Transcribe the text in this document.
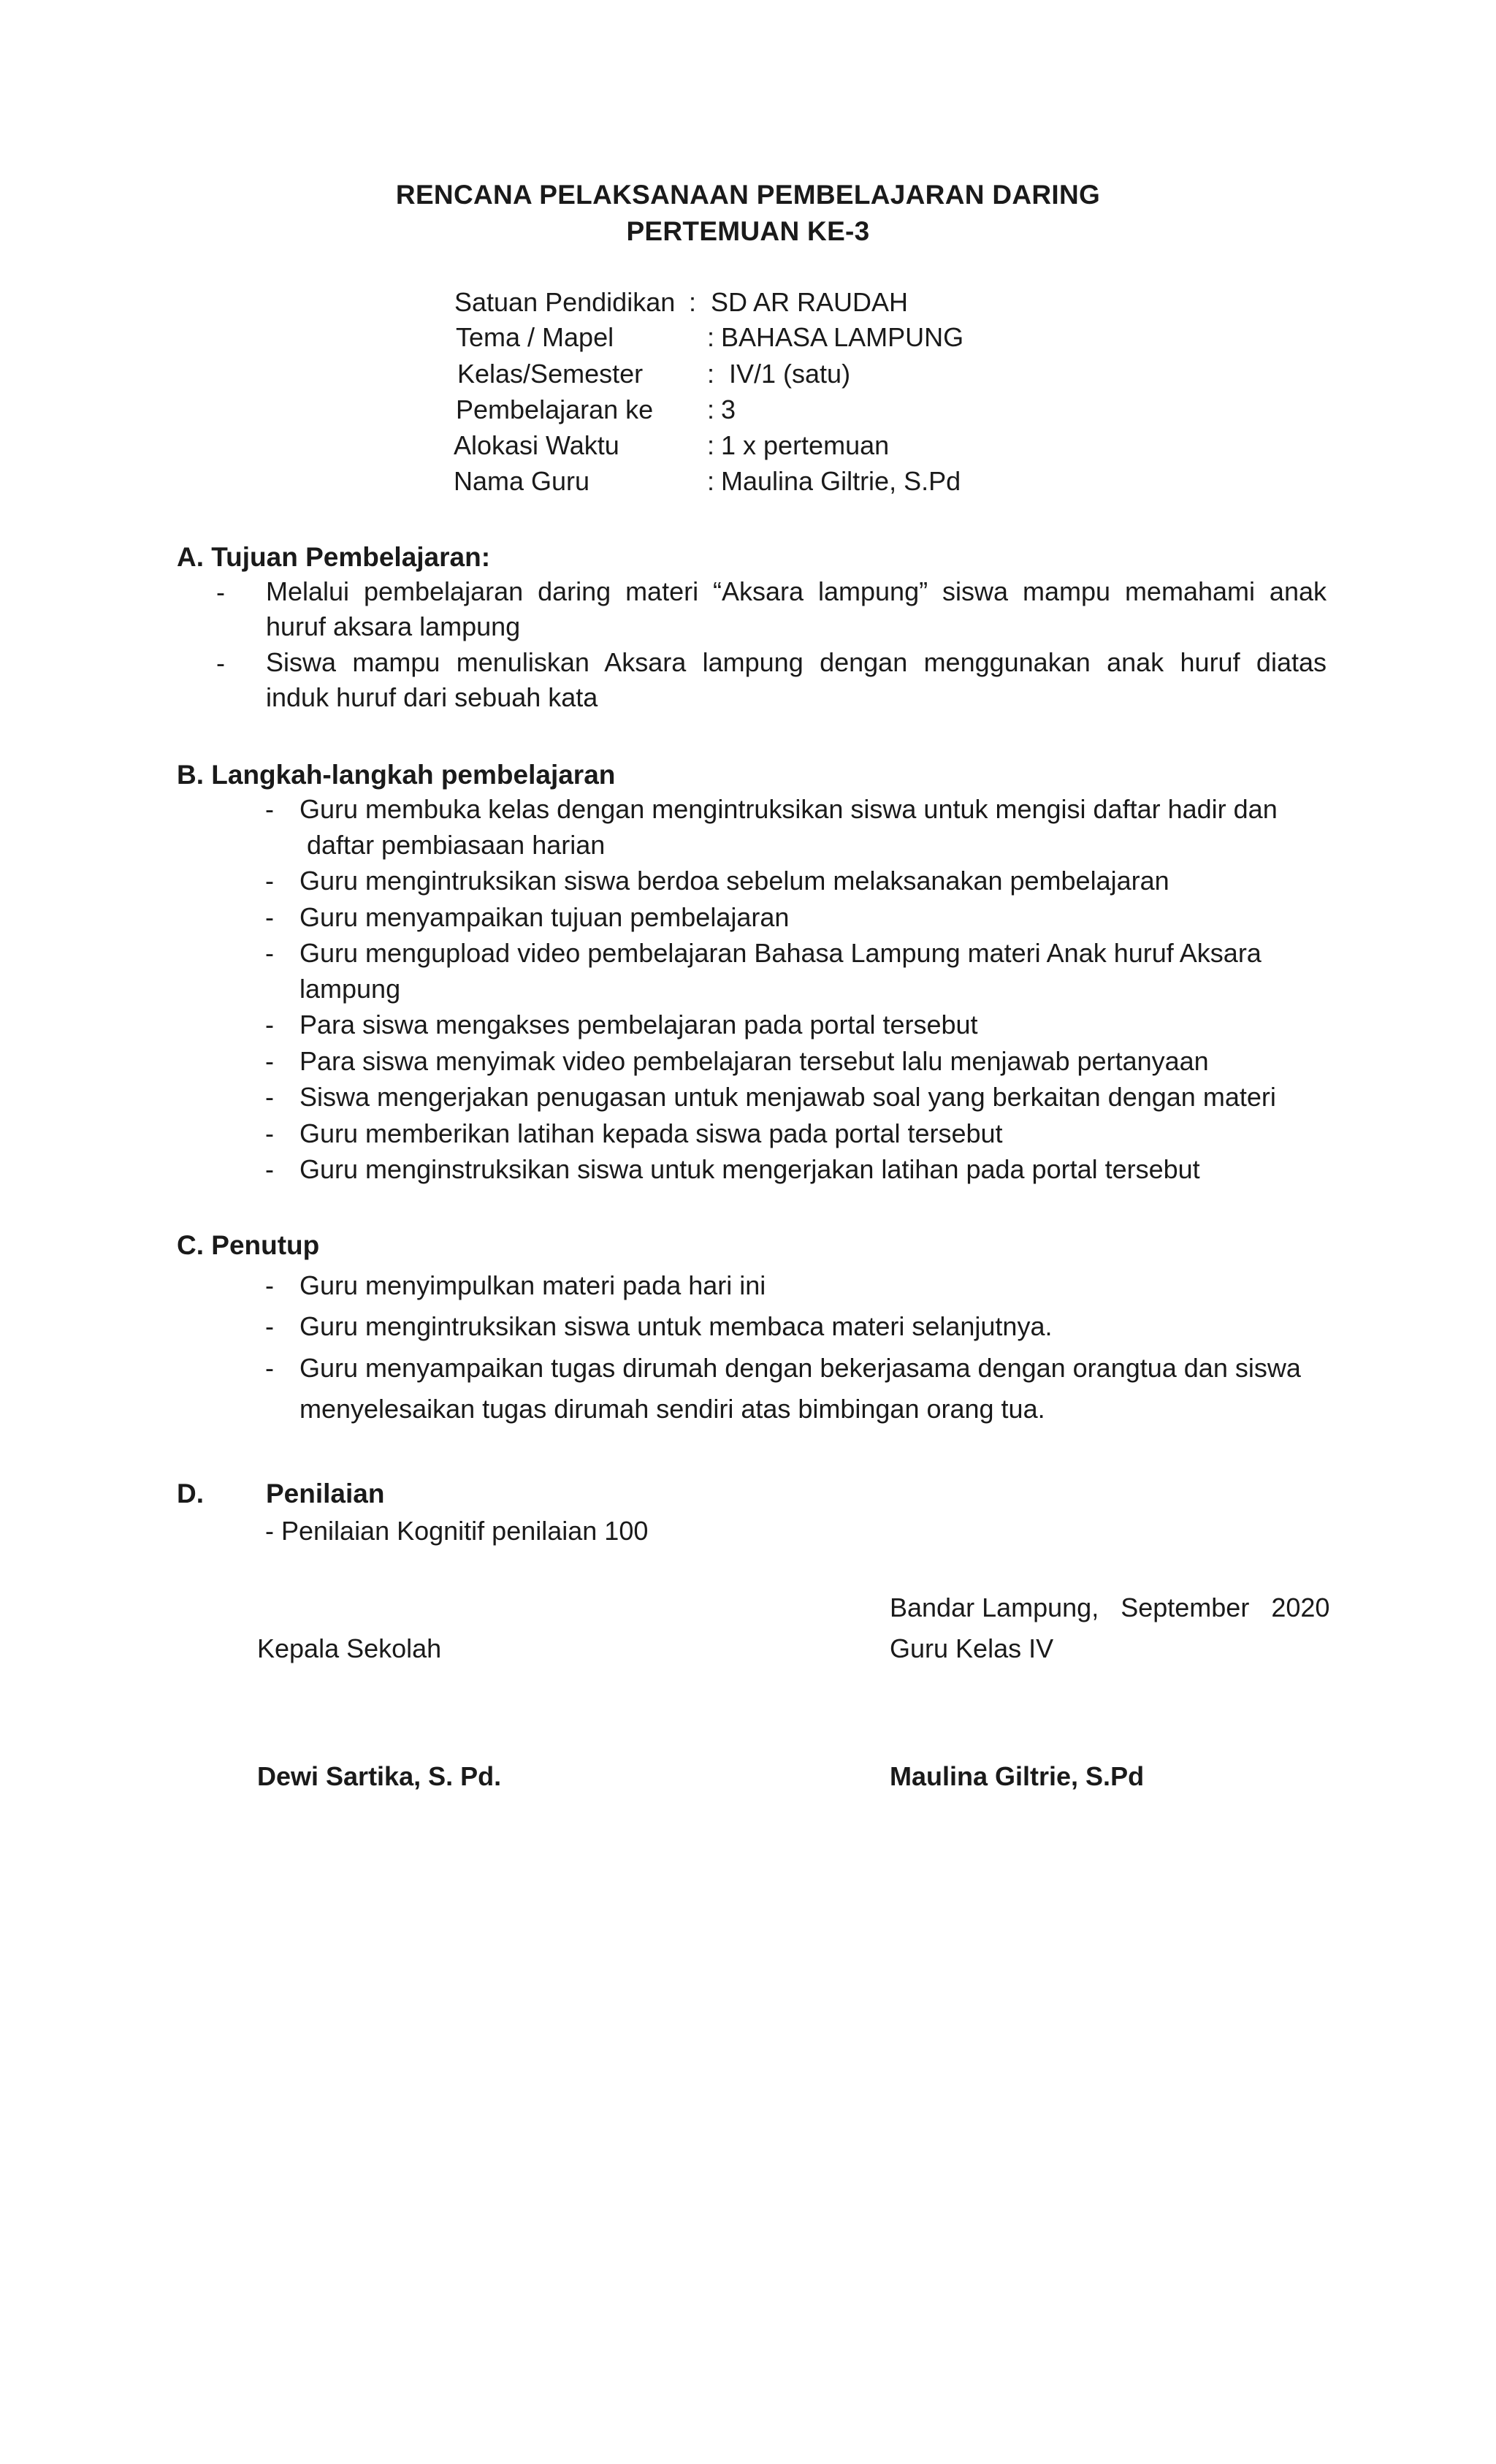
RENCANA PELAKSANAAN PEMBELAJARAN DARING
PERTEMUAN KE-3
Satuan Pendidikan : SD AR RAUDAH
Tema / Mapel	: BAHASA LAMPUNG
Kelas/Semester : IV/1 (satu)
Pembelajaran ke : 3
Alokasi Waktu	: 1 x pertemuan
Nama Guru	: Maulina Giltrie, S.Pd
A. Tujuan Pembelajaran:
- Melalui pembelajaran daring materi “Aksara lampung” siswa mampu memahami anak
huruf aksara lampung
- Siswa mampu menuliskan Aksara lampung dengan menggunakan anak huruf diatas
induk huruf dari sebuah kata
B. Langkah-langkah pembelajaran
- Guru membuka kelas dengan mengintruksikan siswa untuk mengisi daftar hadir dan
daftar pembiasaan harian
- Guru mengintruksikan siswa berdoa sebelum melaksanakan pembelajaran
- Guru menyampaikan tujuan pembelajaran
- Guru mengupload video pembelajaran Bahasa Lampung materi Anak huruf Aksara
lampung
- Para siswa mengakses pembelajaran pada portal tersebut
- Para siswa menyimak video pembelajaran tersebut lalu menjawab pertanyaan
- Siswa mengerjakan penugasan untuk menjawab soal yang berkaitan dengan materi
- Guru memberikan latihan kepada siswa pada portal tersebut
- Guru menginstruksikan siswa untuk mengerjakan latihan pada portal tersebut
C. Penutup
- Guru menyimpulkan materi pada hari ini
- Guru mengintruksikan siswa untuk membaca materi selanjutnya.
- Guru menyampaikan tugas dirumah dengan bekerjasama dengan orangtua dan siswa
menyelesaikan tugas dirumah sendiri atas bimbingan orang tua.
D. Penilaian
- Penilaian Kognitif penilaian 100
Bandar Lampung,   September   2020
Kepala Sekolah	Guru Kelas IV
Dewi Sartika, S. Pd.	Maulina Giltrie, S.Pd
